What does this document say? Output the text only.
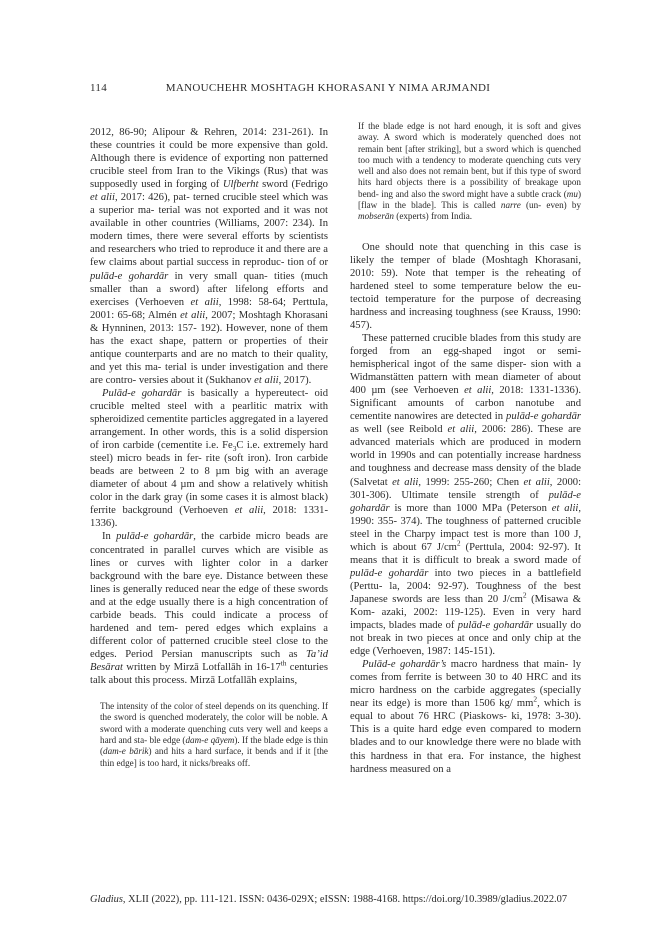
114	MANOUCHEHR MOSHTAGH KHORASANI Y NIMA ARJMANDI

2012, 86-90; Alipour & Rehren, 2014: 231-261). In these countries it could be more expensive than gold. Although there is evidence of exporting non patterned crucible steel from Iran to the Vikings (Rus) that was supposedly used in forging of Ulfberht sword (Fedrigo et alii, 2017: 426), pat- terned crucible steel which was a superior ma- terial was not exported and it was not available in other countries (Williams, 2007: 234). In modern times, there were several efforts by scientists and researchers who tried to reproduce it and there are a few claims about partial success in reproduc- tion of or pulād-e gohardār in very small quan- tities (much smaller than a sword) after lifelong efforts and exercises (Verhoeven et alii, 1998: 58-64; Perttula, 2001: 65-68; Almén et alii, 2007; Moshtagh Khorasani & Hynninen, 2013: 157- 192). However, none of them has the exact shape, pattern or properties of their antique counterparts and are no match to their quality, and yet this ma- terial is under investigation and there are contro- versies about it (Sukhanov et alii, 2017).

Pulād-e gohardār is basically a hypereutect- oid crucible melted steel with a pearlitic matrix with spheroidized cementite particles aggregated in a layered arrangement. In other words, this is a solid dispersion of iron carbide (cementite i.e. $Fe_3C$ i.e. extremely hard steel) micro beads in fer- rite (soft iron). Iron carbide beads are between 2 to 8 µm big with an average diameter of about 4 µm and show a relatively whitish color in the dark gray (in some cases it is almost black) ferrite background (Verhoeven et alii, 2018: 1331-1336).

In pulād-e gohardār, the carbide micro beads are concentrated in parallel curves which are visible as lines or curves with lighter color in a darker background with the bare eye. Distance between these lines is generally reduced near the edge of these swords and at the edge usually there is a high concentration of carbide beads. This could indicate a process of hardened and tem- pered edges which explains a different color of patterned crucible steel close to the edges. Period Persian manuscripts such as Ta’id Besārat written by Mirzā Lotfallāh in 16-17th centuries talk about this process. Mirzā Lotfallāh explains,

The intensity of the color of steel depends on its quenching. If the sword is quenched moderately, the color will be noble. A sword with a moderate quenching cuts very well and keeps a hard and sta- ble edge (dam-e qāyem). If the blade edge is thin (dam-e bārik) and hits a hard surface, it bends and if it [the thin edge] is too hard, it nicks/breaks off.
If the blade edge is not hard enough, it is soft and gives away. A sword which is moderately quenched does not remain bent [after striking], but a sword which is quenched too much with a tendency to moderate quenching cuts very well and also does not remain bent, but if this type of sword hits hard objects there is a possibility of breakage upon bend- ing and also the sword might have a subtle crack (mu) [flaw in the blade]. This is called narre (un- even) by mobserān (experts) from India.

One should note that quenching in this case is likely the temper of blade (Moshtagh Khorasani, 2010: 59). Note that temper is the reheating of hardened steel to some temperature below the eu- tectoid temperature for the purpose of decreasing hardness and increasing toughness (see Krauss, 1990: 457).

These patterned crucible blades from this study are forged from an egg-shaped ingot or semi-hemispherical ingot of the same disper- sion with a Widmanstätten pattern with mean diameter of about 400 µm (see Verhoeven et alii, 2018: 1331-1336). Significant amounts of carbon nanotube and cementite nanowires are detected in pulād-e gohardār as well (see Reibold et alii, 2006: 286). These are advanced materials which are produced in modern world in 1990s and can potentially increase hardness and toughness and decrease mass density of the blade (Salvetat et alii, 1999: 255-260; Chen et alii, 2000: 301-306). Ultimate tensile strength of pulād-e gohardār is more than 1000 MPa (Peterson et alii, 1990: 355- 374). The toughness of patterned crucible steel in the Charpy impact test is more than 100 J, which is about 67 $J/cm^2$ (Perttula, 2004: 92-97). It means that it is difficult to break a sword made of pulād-e gohardār into two pieces in a battlefield (Perttu- la, 2004: 92-97). Toughness of the best Japanese swords are less than 20 $J/cm^2$ (Misawa & Kom- azaki, 2002: 119-125). Even in very hard impacts, blades made of pulād-e gohardār usually do not break in two pieces at once and only chip at the edge (Verhoeven, 1987: 145-151).

Pulād-e gohardār’s macro hardness that main- ly comes from ferrite is between 30 to 40 HRC and its micro hardness on the carbide aggregates (specially near its edge) is more than 1506 kg/ $mm^2$, which is equal to about 76 HRC (Piaskows- ki, 1978: 3-30). This is a quite hard edge even compared to modern blades and to our knowledge there were no blade with this hardness in that era. For instance, the highest hardness measured on a

Gladius, XLII (2022), pp. 111-121. ISSN: 0436-029X; eISSN: 1988-4168. https://doi.org/10.3989/gladius.2022.07
